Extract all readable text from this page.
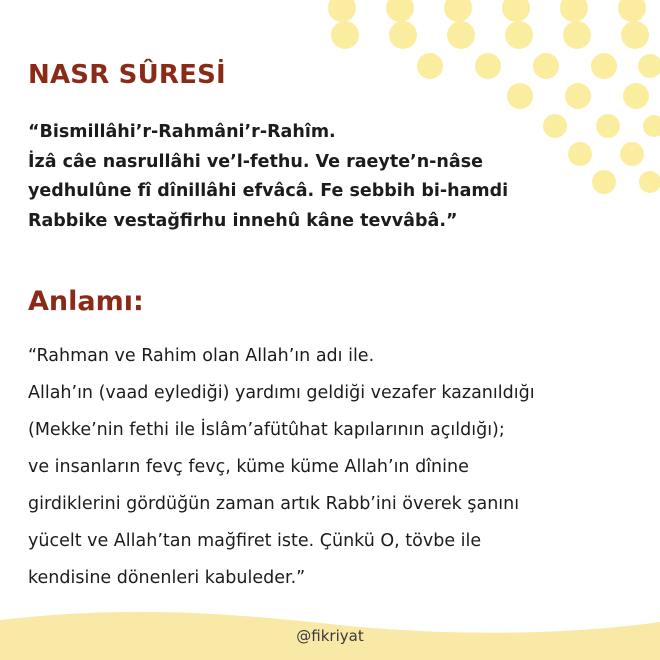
NASR SÛRESİ

“Bismillâhi’r-Rahmâni’r-Rahîm.
İzâ câe nasrullâhi ve’l-fethu. Ve raeyte’n-nâse
yedhulûne fî dînillâhi efvâcâ. Fe sebbih bi-hamdi
Rabbike vestağfirhu innehû kâne tevvâbâ.”

Anlamı:

“Rahman ve Rahim olan Allah’ın adı ile.
Allah’ın (vaad eylediği) yardımı geldiği vezafer kazanıldığı
(Mekke’nin fethi ile İslâm’afütûhat kapılarının açıldığı);
ve insanların fevç fevç, küme küme Allah’ın dînine
girdiklerini gördüğün zaman artık Rabb’ini överek şanını
yücelt ve Allah’tan mağfiret iste. Çünkü O, tövbe ile
kendisine dönenleri kabuleder.”

@fikriyat
